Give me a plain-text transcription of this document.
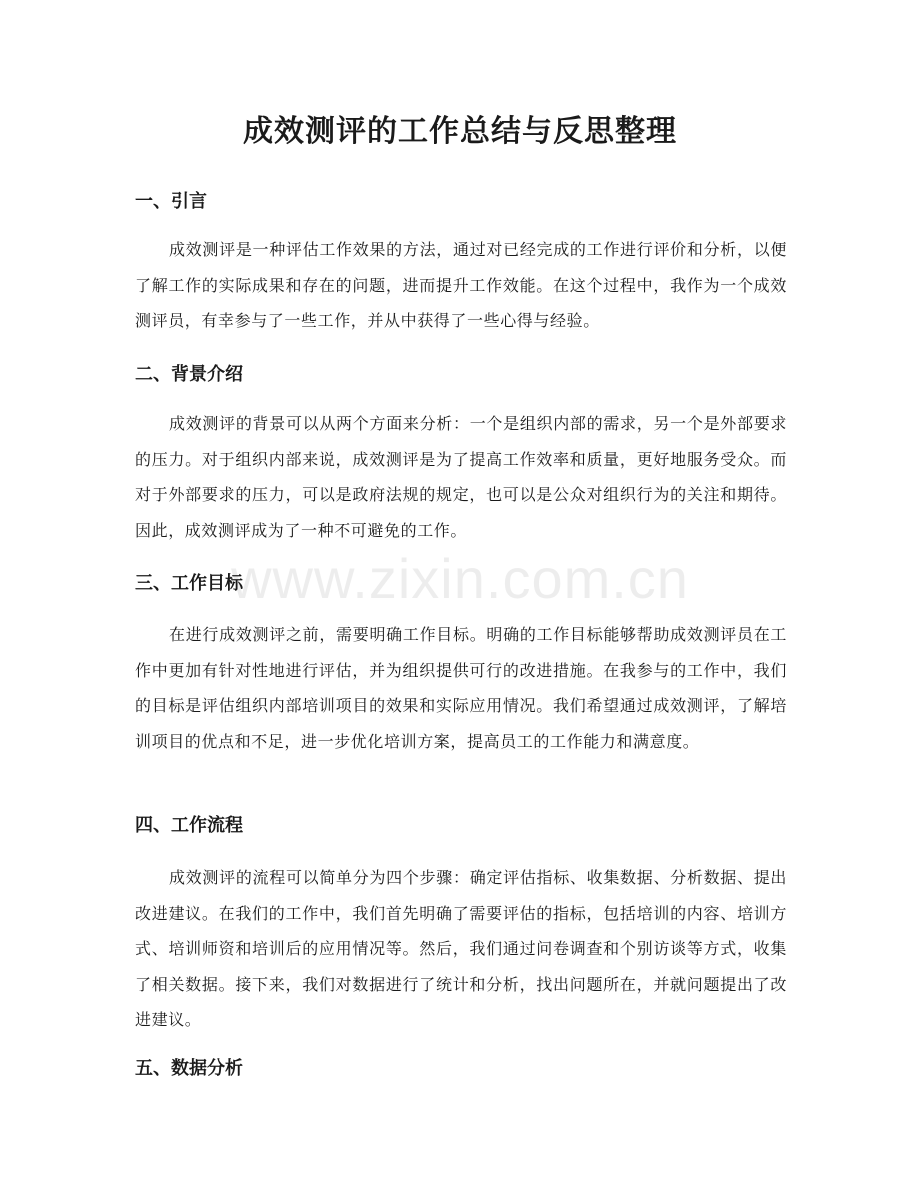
www.zixin.com.cn
成效测评的工作总结与反思整理
一、引言

成效测评是一种评估工作效果的方法，通过对已经完成的工作进行评价和分析，以便了解工作的实际成果和存在的问题，进而提升工作效能。在这个过程中，我作为一个成效测评员，有幸参与了一些工作，并从中获得了一些心得与经验。

二、背景介绍

成效测评的背景可以从两个方面来分析：一个是组织内部的需求，另一个是外部要求的压力。对于组织内部来说，成效测评是为了提高工作效率和质量，更好地服务受众。而对于外部要求的压力，可以是政府法规的规定，也可以是公众对组织行为的关注和期待。因此，成效测评成为了一种不可避免的工作。

三、工作目标

在进行成效测评之前，需要明确工作目标。明确的工作目标能够帮助成效测评员在工作中更加有针对性地进行评估，并为组织提供可行的改进措施。在我参与的工作中，我们的目标是评估组织内部培训项目的效果和实际应用情况。我们希望通过成效测评，了解培训项目的优点和不足，进一步优化培训方案，提高员工的工作能力和满意度。

四、工作流程

成效测评的流程可以简单分为四个步骤：确定评估指标、收集数据、分析数据、提出改进建议。在我们的工作中，我们首先明确了需要评估的指标，包括培训的内容、培训方式、培训师资和培训后的应用情况等。然后，我们通过问卷调查和个别访谈等方式，收集了相关数据。接下来，我们对数据进行了统计和分析，找出问题所在，并就问题提出了改进建议。

五、数据分析
